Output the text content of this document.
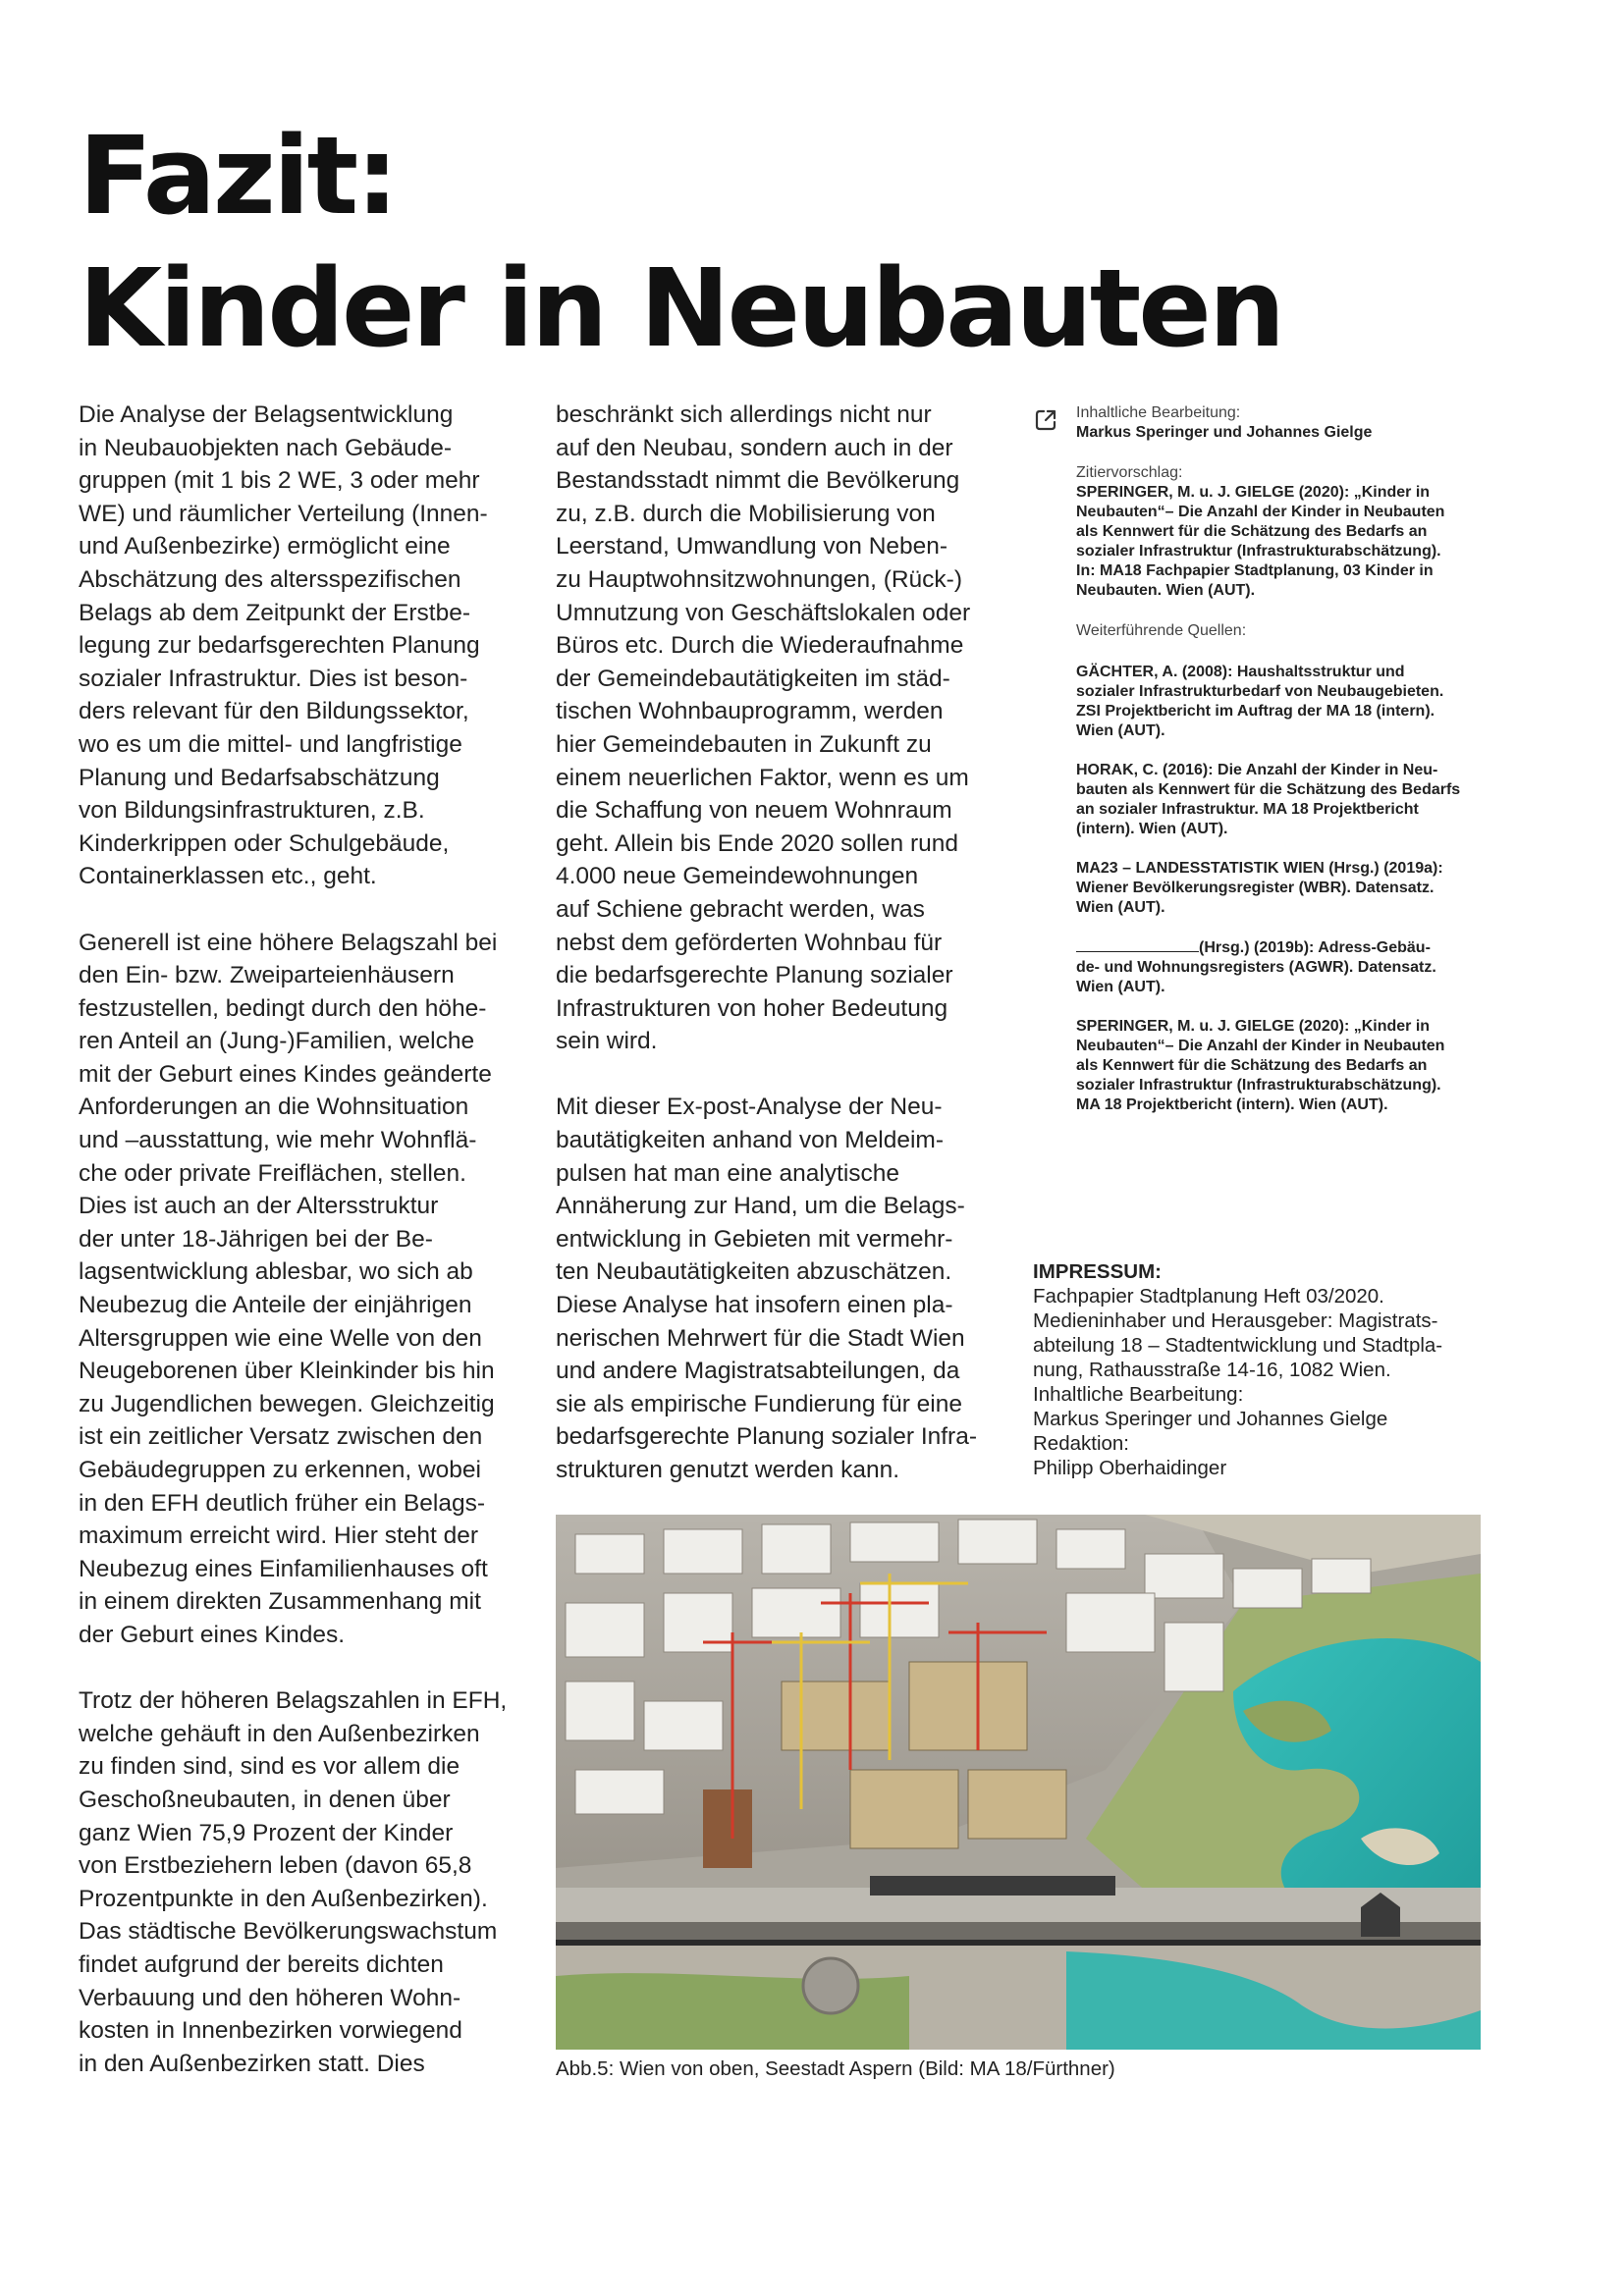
Fazit:
Kinder in Neubauten

Die Analyse der Belagsentwicklung
in Neubauobjekten nach Gebäude-
gruppen (mit 1 bis 2 WE, 3 oder mehr
WE) und räumlicher Verteilung (Innen-
und Außenbezirke) ermöglicht eine
Abschätzung des altersspezifischen
Belags ab dem Zeitpunkt der Erstbe-
legung zur bedarfsgerechten Planung
sozialer Infrastruktur. Dies ist beson-
ders relevant für den Bildungssektor,
wo es um die mittel- und langfristige
Planung und Bedarfsabschätzung
von Bildungsinfrastrukturen, z.B.
Kinderkrippen oder Schulgebäude,
Containerklassen etc., geht.

Generell ist eine höhere Belagszahl bei
den Ein- bzw. Zweiparteienhäusern
festzustellen, bedingt durch den höhe-
ren Anteil an (Jung-)Familien, welche
mit der Geburt eines Kindes geänderte
Anforderungen an die Wohnsituation
und –ausstattung, wie mehr Wohnflä-
che oder private Freiflächen, stellen.
Dies ist auch an der Altersstruktur
der unter 18-Jährigen bei der Be-
lagsentwicklung ablesbar, wo sich ab
Neubezug die Anteile der einjährigen
Altersgruppen wie eine Welle von den
Neugeborenen über Kleinkinder bis hin
zu Jugendlichen bewegen. Gleichzeitig
ist ein zeitlicher Versatz zwischen den
Gebäudegruppen zu erkennen, wobei
in den EFH deutlich früher ein Belags-
maximum erreicht wird. Hier steht der
Neubezug eines Einfamilienhauses oft
in einem direkten Zusammenhang mit
der Geburt eines Kindes.

Trotz der höheren Belagszahlen in EFH,
welche gehäuft in den Außenbezirken
zu finden sind, sind es vor allem die
Geschoßneubauten, in denen über
ganz Wien 75,9 Prozent der Kinder
von Erstbeziehern leben (davon 65,8
Prozentpunkte in den Außenbezirken).
Das städtische Bevölkerungswachstum
findet aufgrund der bereits dichten
Verbauung und den höheren Wohn-
kosten in Innenbezirken vorwiegend
in den Außenbezirken statt. Dies

beschränkt sich allerdings nicht nur
auf den Neubau, sondern auch in der
Bestandsstadt nimmt die Bevölkerung
zu, z.B. durch die Mobilisierung von
Leerstand, Umwandlung von Neben-
zu Hauptwohnsitzwohnungen, (Rück-)
Umnutzung von Geschäftslokalen oder
Büros etc. Durch die Wiederaufnahme
der Gemeindebautätigkeiten im städ-
tischen Wohnbauprogramm, werden
hier Gemeindebauten in Zukunft zu
einem neuerlichen Faktor, wenn es um
die Schaffung von neuem Wohnraum
geht. Allein bis Ende 2020 sollen rund
4.000 neue Gemeindewohnungen
auf Schiene gebracht werden, was
nebst dem geförderten Wohnbau für
die bedarfsgerechte Planung sozialer
Infrastrukturen von hoher Bedeutung
sein wird.

Mit dieser Ex-post-Analyse der Neu-
bautätigkeiten anhand von Meldeim-
pulsen hat man eine analytische
Annäherung zur Hand, um die Belags-
entwicklung in Gebieten mit vermehr-
ten Neubautätigkeiten abzuschätzen.
Diese Analyse hat insofern einen pla-
nerischen Mehrwert für die Stadt Wien
und andere Magistratsabteilungen, da
sie als empirische Fundierung für eine
bedarfsgerechte Planung sozialer Infra-
strukturen genutzt werden kann.

Inhaltliche Bearbeitung:
Markus Speringer und Johannes Gielge
Zitiervorschlag:
SPERINGER, M. u. J. GIELGE (2020): „Kinder in
Neubauten“– Die Anzahl der Kinder in Neubauten
als Kennwert für die Schätzung des Bedarfs an
sozialer Infrastruktur (Infrastrukturabschätzung).
In: MA18 Fachpapier Stadtplanung, 03 Kinder in
Neubauten. Wien (AUT).
Weiterführende Quellen:
GÄCHTER, A. (2008): Haushaltsstruktur und
sozialer Infrastrukturbedarf von Neubaugebieten.
ZSI Projektbericht im Auftrag der MA 18 (intern).
Wien (AUT).
HORAK, C. (2016): Die Anzahl der Kinder in Neu-
bauten als Kennwert für die Schätzung des Bedarfs
an sozialer Infrastruktur. MA 18 Projektbericht
(intern). Wien (AUT).
MA23 – LANDESSTATISTIK WIEN (Hrsg.) (2019a):
Wiener Bevölkerungsregister (WBR). Datensatz.
Wien (AUT).
(Hrsg.) (2019b): Adress-Gebäu-
de- und Wohnungsregisters (AGWR). Datensatz.
Wien (AUT).
SPERINGER, M. u. J. GIELGE (2020): „Kinder in
Neubauten“– Die Anzahl der Kinder in Neubauten
als Kennwert für die Schätzung des Bedarfs an
sozialer Infrastruktur (Infrastrukturabschätzung).
MA 18 Projektbericht (intern). Wien (AUT).
IMPRESSUM:
Fachpapier Stadtplanung Heft 03/2020.
Medieninhaber und Herausgeber: Magistrats-
abteilung 18 – Stadtentwicklung und Stadtpla-
nung, Rathausstraße 14-16, 1082 Wien.
Inhaltliche Bearbeitung:
Markus Speringer und Johannes Gielge
Redaktion:
Philipp Oberhaidinger
Abb.5: Wien von oben, Seestadt Aspern (Bild: MA 18/Fürthner)
